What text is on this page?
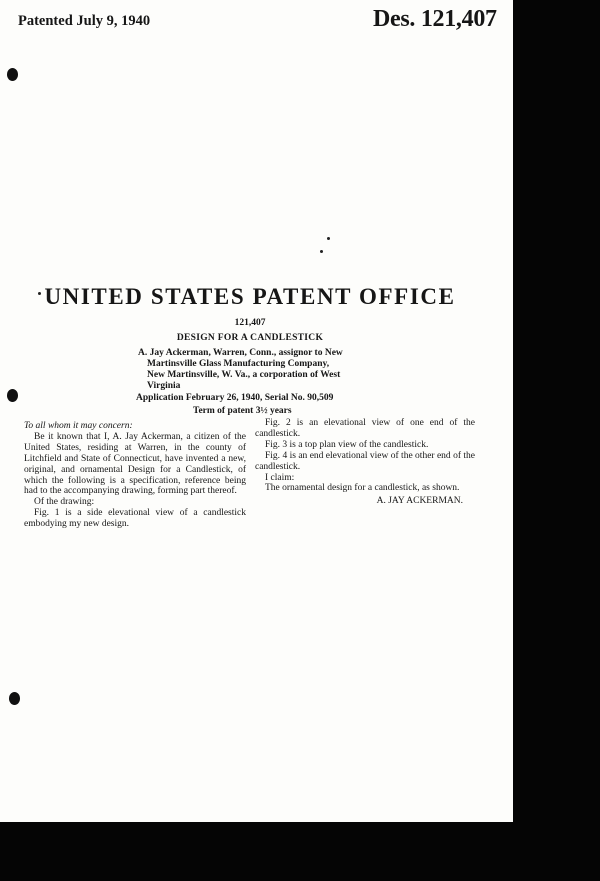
Patented July 9, 1940	Des. 121,407
UNITED STATES PATENT OFFICE
121,407
DESIGN FOR A CANDLESTICK
A. Jay Ackerman, Warren, Conn., assignor to New
Martinsville Glass Manufacturing Company,
New Martinsville, W. Va., a corporation of West
Virginia
Application February 26, 1940, Serial No. 90,509
Term of patent 3½ years

To all whom it may concern:

Be it known that I, A. Jay Ackerman, a citizen of the United States, residing at Warren, in the county of Litchfield and State of Connecticut, have invented a new, original, and ornamental Design for a Candlestick, of which the following is a specification, reference being had to the accompanying drawing, forming part thereof.

Of the drawing:

Fig. 1 is a side elevational view of a candlestick embodying my new design.

Fig. 2 is an elevational view of one end of the candlestick.

Fig. 3 is a top plan view of the candlestick.

Fig. 4 is an end elevational view of the other end of the candlestick.

I claim:

The ornamental design for a candlestick, as shown.

A. JAY ACKERMAN.
